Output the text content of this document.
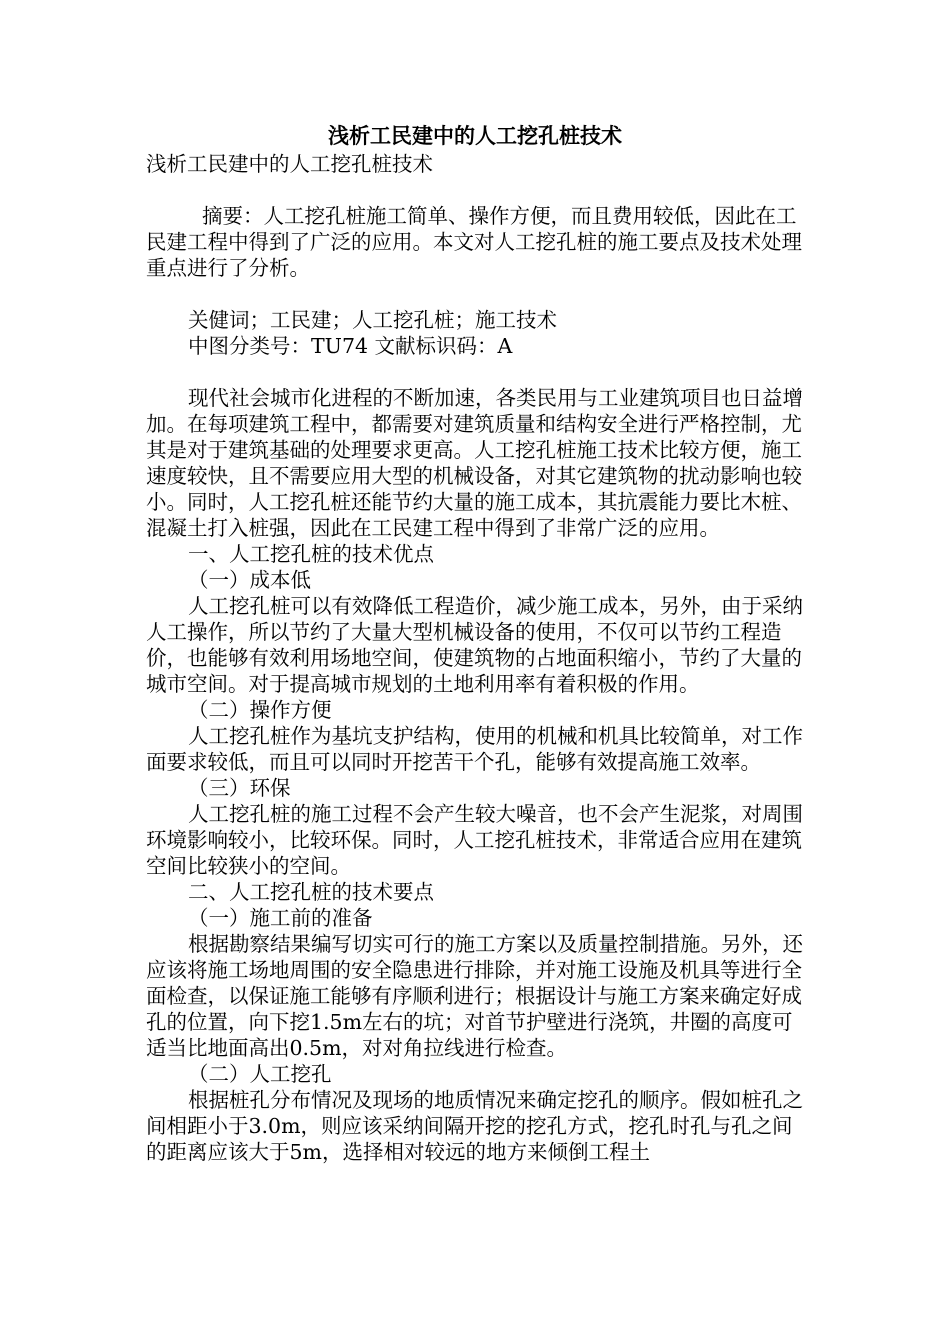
浅析工民建中的人工挖孔桩技术

浅析工民建中的人工挖孔桩技术

摘要：人工挖孔桩施工简单、操作方便，而且费用较低，因此在工民建工程中得到了广泛的应用。本文对人工挖孔桩的施工要点及技术处理重点进行了分析。

关健词；工民建；人工挖孔桩；施工技术

中图分类号：TU74 文献标识码：A

现代社会城市化进程的不断加速，各类民用与工业建筑项目也日益增加。在每项建筑工程中，都需要对建筑质量和结构安全进行严格控制，尤其是对于建筑基础的处理要求更高。人工挖孔桩施工技术比较方便，施工速度较快，且不需要应用大型的机械设备，对其它建筑物的扰动影响也较小。同时，人工挖孔桩还能节约大量的施工成本，其抗震能力要比木桩、混凝土打入桩强，因此在工民建工程中得到了非常广泛的应用。

一、人工挖孔桩的技术优点

（一）成本低

人工挖孔桩可以有效降低工程造价，减少施工成本，另外，由于采纳人工操作，所以节约了大量大型机械设备的使用，不仅可以节约工程造价，也能够有效利用场地空间，使建筑物的占地面积缩小，节约了大量的城市空间。对于提高城市规划的土地利用率有着积极的作用。

（二）操作方便

人工挖孔桩作为基坑支护结构，使用的机械和机具比较简单，对工作面要求较低，而且可以同时开挖苦干个孔，能够有效提高施工效率。

（三）环保

人工挖孔桩的施工过程不会产生较大噪音，也不会产生泥浆，对周围环境影响较小，比较环保。同时，人工挖孔桩技术，非常适合应用在建筑空间比较狭小的空间。

二、人工挖孔桩的技术要点

（一）施工前的准备

根据勘察结果编写切实可行的施工方案以及质量控制措施。另外，还应该将施工场地周围的安全隐患进行排除，并对施工设施及机具等进行全面检查，以保证施工能够有序顺利进行；根据设计与施工方案来确定好成孔的位置，向下挖1.5m左右的坑；对首节护壁进行浇筑，井圈的高度可适当比地面高出0.5m，对对角拉线进行检查。

（二）人工挖孔

根据桩孔分布情况及现场的地质情况来确定挖孔的顺序。假如桩孔之间相距小于3.0m，则应该采纳间隔开挖的挖孔方式，挖孔时孔与孔之间的距离应该大于5m，选择相对较远的地方来倾倒工程土
